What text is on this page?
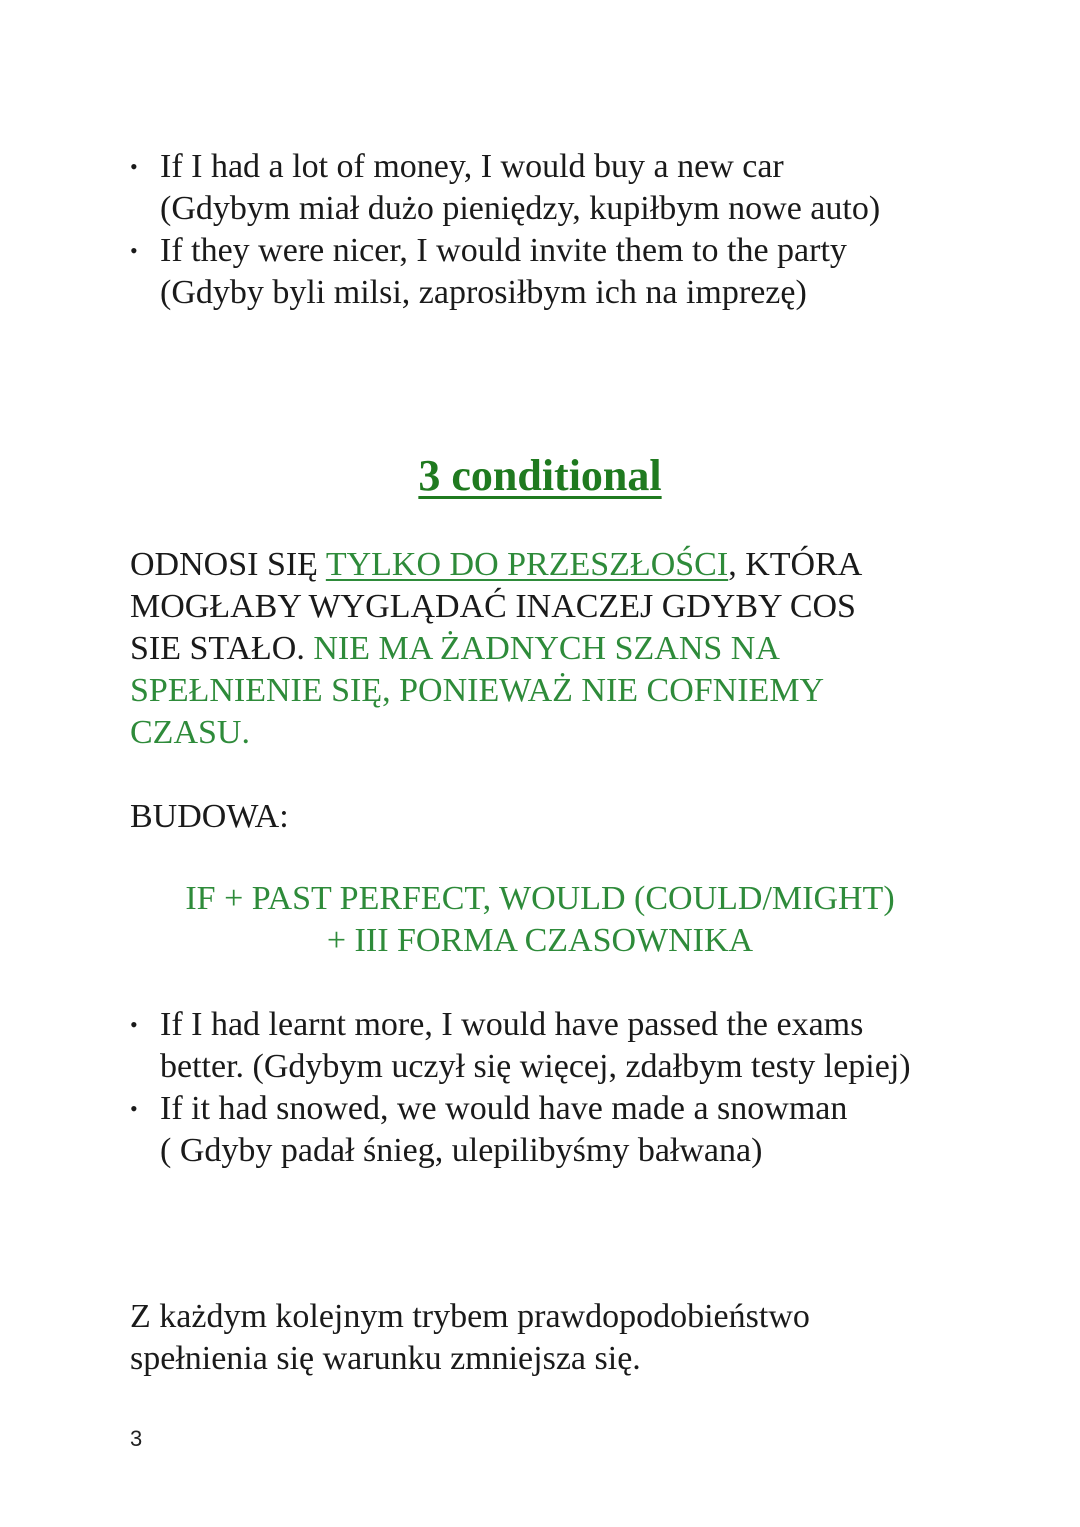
• If I had a lot of money, I would buy a new car
(Gdybym miał dużo pieniędzy, kupiłbym nowe auto)
• If they were nicer, I would invite them to the party
(Gdyby byli milsi, zaprosiłbym ich na imprezę)
3 conditional
ODNOSI SIĘ TYLKO DO PRZESZŁOŚCI, KTÓRA MOGŁABY WYGLĄDAĆ INACZEJ GDYBY COS SIE STAŁO. NIE MA ŻADNYCH SZANS NA SPEŁNIENIE SIĘ, PONIEWAŻ NIE COFNIEMY CZASU.
BUDOWA:
IF + PAST PERFECT, WOULD (COULD/MIGHT)
+ III FORMA CZASOWNIKA
• If I had learnt more, I would have passed the exams
better. (Gdybym uczył się więcej, zdałbym testy lepiej)
• If it had snowed, we would have made a snowman
( Gdyby padał śnieg, ulepilibyśmy bałwana)
Z każdym kolejnym trybem prawdopodobieństwo
spełnienia się warunku zmniejsza się.
3
